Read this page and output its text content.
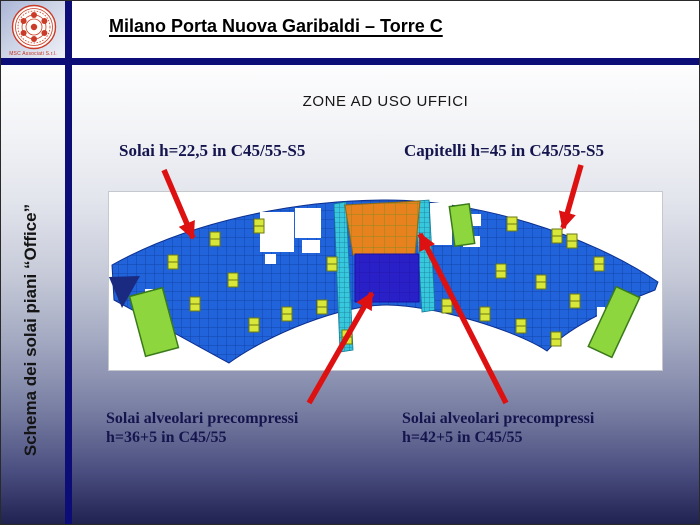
MSC Associati S.r.l.
Milano Porta Nuova Garibaldi – Torre C
Schema dei solai piani “Office”
ZONE AD USO UFFICI
Solai h=22,5 in C45/55-S5	Capitelli h=45 in C45/55-S5
Solai alveolari precompressi
h=36+5 in C45/55
Solai alveolari precompressi
h=42+5 in C45/55
